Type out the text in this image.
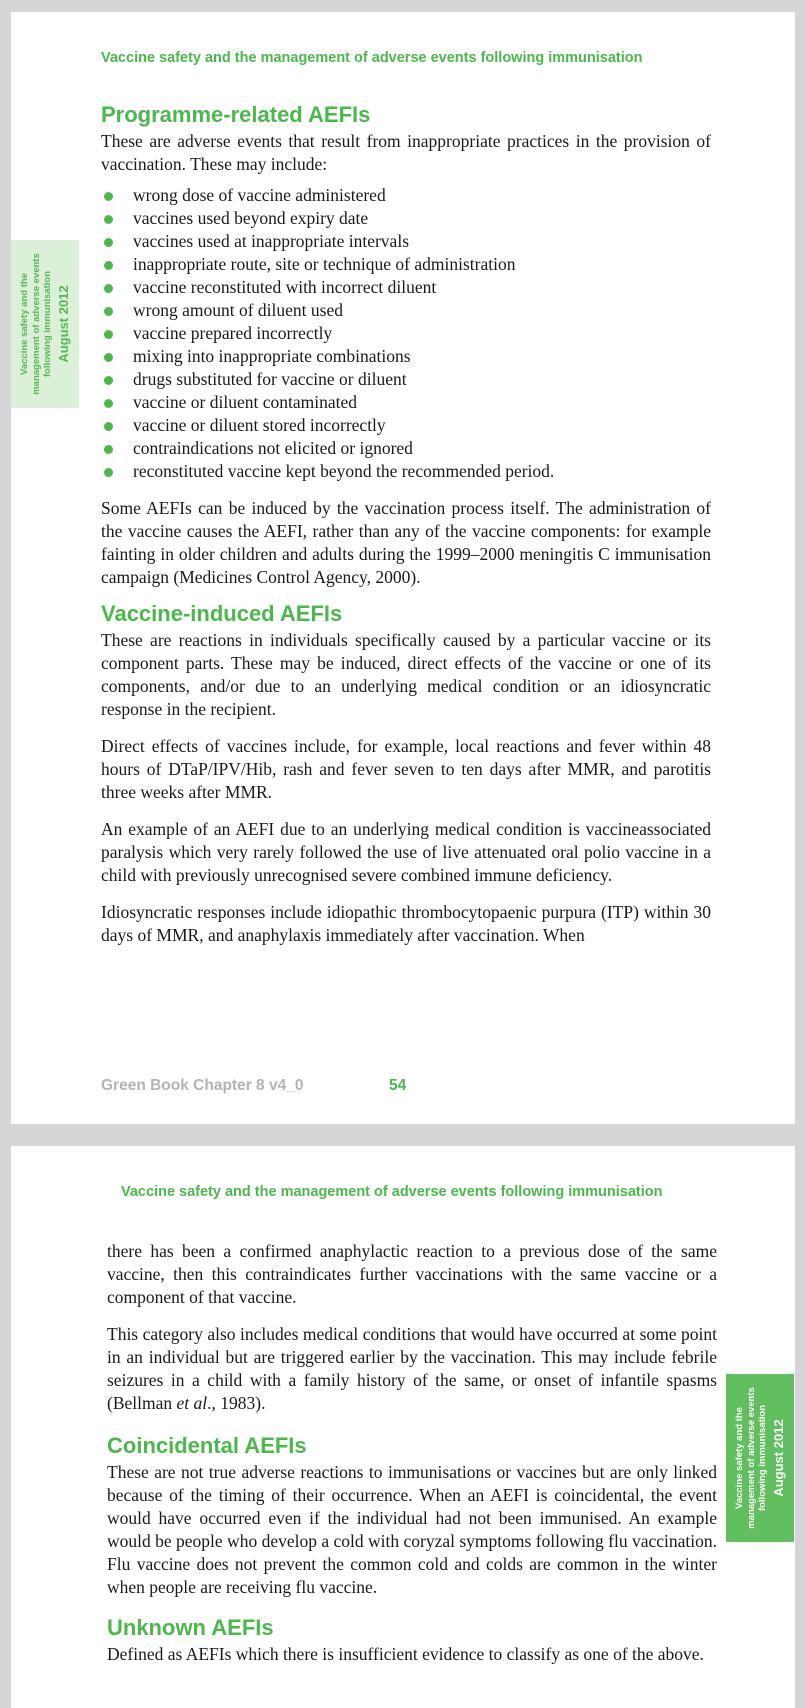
Vaccine safety and the management of adverse events following immunisation

Programme-related AEFIs

These are adverse events that result from inappropriate practices in the provision of vaccination. These may include:

wrong dose of vaccine administered
vaccines used beyond expiry date
vaccines used at inappropriate intervals
inappropriate route, site or technique of administration
vaccine reconstituted with incorrect diluent
wrong amount of diluent used
vaccine prepared incorrectly
mixing into inappropriate combinations
drugs substituted for vaccine or diluent
vaccine or diluent contaminated
vaccine or diluent stored incorrectly
contraindications not elicited or ignored
reconstituted vaccine kept beyond the recommended period.

Some AEFIs can be induced by the vaccination process itself. The administration of the vaccine causes the AEFI, rather than any of the vaccine components: for example fainting in older children and adults during the 1999–2000 meningitis C immunisation campaign (Medicines Control Agency, 2000).

Vaccine-induced AEFIs

These are reactions in individuals specifically caused by a particular vaccine or its component parts. These may be induced, direct effects of the vaccine or one of its components, and/or due to an underlying medical condition or an idiosyncratic response in the recipient.

Direct effects of vaccines include, for example, local reactions and fever within 48 hours of DTaP/IPV/Hib, rash and fever seven to ten days after MMR, and parotitis three weeks after MMR.

An example of an AEFI due to an underlying medical condition is vaccineassociated paralysis which very rarely followed the use of live attenuated oral polio vaccine in a child with previously unrecognised severe combined immune deficiency.

Idiosyncratic responses include idiopathic thrombocytopaenic purpura (ITP) within 30 days of MMR, and anaphylaxis immediately after vaccination. When

Vaccine safety and the management of adverse events following immunisation August 2012

Green Book Chapter 8 v4_0	54

Vaccine safety and the management of adverse events following immunisation

there has been a confirmed anaphylactic reaction to a previous dose of the same vaccine, then this contraindicates further vaccinations with the same vaccine or a component of that vaccine.

This category also includes medical conditions that would have occurred at some point in an individual but are triggered earlier by the vaccination. This may include febrile seizures in a child with a family history of the same, or onset of infantile spasms (Bellman et al., 1983).

Coincidental AEFIs

These are not true adverse reactions to immunisations or vaccines but are only linked because of the timing of their occurrence. When an AEFI is coincidental, the event would have occurred even if the individual had not been immunised. An example would be people who develop a cold with coryzal symptoms following flu vaccination. Flu vaccine does not prevent the common cold and colds are common in the winter when people are receiving flu vaccine.

Unknown AEFIs

Defined as AEFIs which there is insufficient evidence to classify as one of the above.

Vaccine safety and the management of adverse events following immunisation August 2012
